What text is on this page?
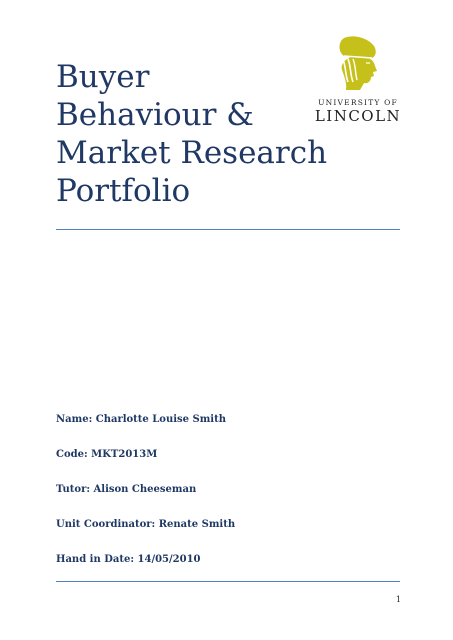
Buyer
Behaviour &
Market Research
Portfolio
UNIVERSITY OF
LINCOLN
Name: Charlotte Louise Smith
Code: MKT2013M
Tutor: Alison Cheeseman
Unit Coordinator: Renate Smith
Hand in Date: 14/05/2010
1
